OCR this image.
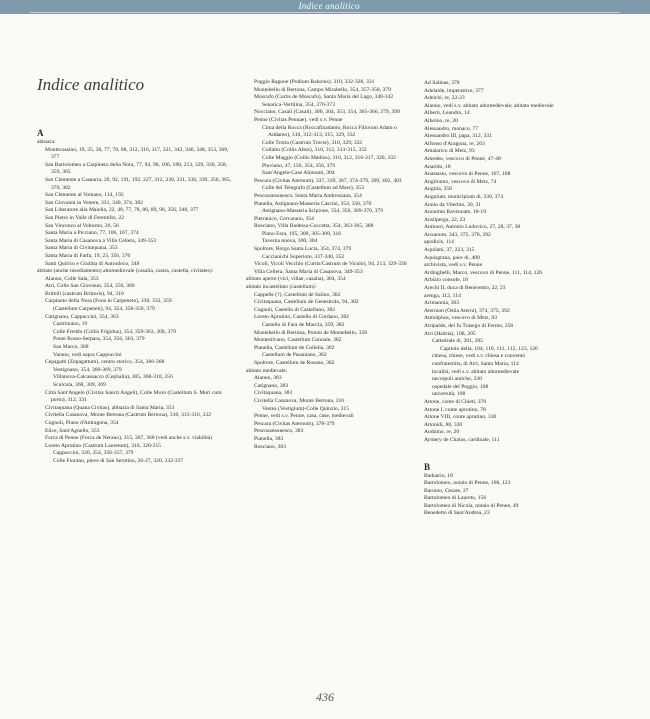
Indice analitico
Indice analitico
A
abbazia:
Montecassino, 19, 35, 36, 77, 78, 88, 312, 316, 317, 321, 342, 346, 348, 353, 369, 377
San Bartolomeo a Carpineto della Nora, 77, 94, 98, 106, 188, 213, 329, 330, 358, 359, 365
San Clemente a Casauria, 20, 92, 191, 192, 227, 312, 330, 331, 336, 339, 356, 365, 370, 382
San Clemente al Vomano, 114, 192
San Giovanni in Venere, 331, 340, 374, 382
San Liberatore alla Maiella, 22, 48, 77, 78, 86, 89, 98, 356, 348, 377
San Pietro in Valle di Ferentillo, 22
San Vincenzo al Volturno, 26, 56
Santa Maria a Picciano, 77, 106, 107, 374
Santa Maria di Casanova a Villa Celiera, 349-353
Santa Maria di Civitaquana, 353
Santa Maria di Farfa, 19, 23, 356, 370
Santi Quirico e Giulitta di Antrodoco, 348
abitato (anche insediamento) altomedievale (casalia, castra, castella, civitates):
Alanno, Colle Sala, 353
Atri, Colle San Giovanni, 354, 356, 360
Brittoli (castrum Brittoris), 94, 310
Carpineto della Nora (Fons in Carpeneto), 330, 332, 359
(Castellum Carpeneti), 94, 354, 358-359, 379
Catignano, Cappuccini, 354, 363
Castriniano, 19
Colle Freddo (Collis Frigidus), 354, 359-363, 368, 379
Ponte Rosso-Serpara, 354, 356, 363, 379
San Marco, 368
Varano, vedi supra Cappuccini
Cepagatti (Zepagattum), centro storico, 354, 366-368
Vestignano, 354, 368-369, 379
Villanova-Calcassacco (Cephalia), 305, 368-310, 356
Sculcula, 368, 309, 369
Città Sant'Angelo (Civitas Sancti Angeli), Colle Moro (Castellum S. Mori cum portu), 312, 331
Civitaquana (Quana Civitas), abbazia di Santa Maria, 353
Civitella Casanova, Monte Bertona (Castrum Bertona), 310, 315-316, 332
Cugnoli, Piano d'Antragona, 354
Elice, Sant'Agnello, 353
Forca di Penne (Forca de Nerano), 315, 367, 368 (vedi anche s.v. viabilità)
Loreto Aprutino (Castrum Lauretum), 310, 320-315
Cappuccini, 320, 354, 356-357, 379
Colle Fiorano, pieve di San Serotino, 26-27, 320, 332-337
Poggio Ragone (Podium Rahonis), 310, 332-328, 331
Montebello di Bertona, Campo Mirabello, 354, 357-358, 379
Moscufo (Curtis de Moscufo), Santa Maria del Lago, 340-342
Senarica-Vertilina, 354, 370-373
Nocciano, Casali (Casali), 300, 304, 353, 354, 365-366, 379, 399
Penne (Civitas Pennae), vedi s.v. Penne
Cima della Rocca (Roccafinadamo, Rocca Filiorum Adam o Addamo), 310, 312-313, 315, 329, 332
Colle Trotta (Castrum Trocte), 310, 329, 332
Collalto (Collis Altus), 310, 312, 313-315, 332
Colle Maggio (Collis Madius), 310, 312, 316-317, 320, 332
Pluviano, 47, 156, 354, 356, 379
Sant'Angelo-Case Alimonti, 304
Pescara (Civitas Aternum), 337, 339, 367, 374-379, 399, 402, 403
Colle del Telegrafo (Castellum ad Mare), 353
Pescosansonesco, Santa Maria Ambrosiana, 354
Pianella, Astignano-Masseria Cascini, 354, 356, 370
Astignano-Masseria Scipione, 354, 356, 369-370, 379
Pietranico, Cervarano, 354
Rosciano, Villa Badessa-Coccetta, 354, 363-365, 368
Piano Fara, 195, 300, 305-308, 316
Taverna nuova, 300, 304
Spoltore, Borgo Santa Lucia, 354, 374, 379
Caccianichi Superiore, 337-340, 352
Vicoli, Vicoli Vecchio (Curtis/Castrum de Viculo), 94, 213, 329-330
Villa Celiera, Santa Maria di Casanova, 349-353
abitato aperto (vici, villae, casalia), 304, 354
abitato incastellato (castellum):
Cappelle (?), Castellum de Salino, 382
Civitaquana, Castellum de Genestrulo, 94, 382
Cugnoli, Castello di Castellano, 382
Loreto Aprutino, Castello di Cordano, 382
Castello di Fara de Maccla, 359, 382
Montebello di Bertona, Poium de Montebello, 358
Montesilvano, Castellum Connale, 382
Pianella, Castellum de Collelia, 382
Castellum de Pasaniano, 382
Spoltore, Castellum de Rosano, 382
abitato medievale:
Alanno, 383
Catignano, 383
Civitaquana, 383
Civitella Casanova, Monte Bertona, 316
Vestea (Vestigium)-Colle Quinzio, 315
Penne, vedi s.v. Penne, casa, case, medievali
Pescara (Civitas Aternum), 378-379
Pescosansonesco, 383
Pianella, 383
Rosciano, 383
Ad Salinas, 378
Adelaide, imperatrice, 377
Adelchi, re, 22-23
Alanno, vedi s.v. abitato altomedievale; abitato medievale
Alberti, Leandro, 14
Alboino, re, 20
Alessandro, monaco, 77
Alessandro III, papa, 312, 331
Alfonso d'Aragona, re, 263
Amalarico di Metz, 93
Amedeo, vescovo di Penne, 47-48
Anarido, 18
Anastasio, vescovo di Penne, 107, 108
Angilramo, vescovo di Metz, 74
Angitia, 358
Angulum, municipium di, 330, 374
Annio da Viterbio, 30, 31
Anonimo Ravennate, 18-19
Ansilperga, 22, 23
Antinori, Antonio Ludovico, 27, 28, 37, 38
Anxanum, 343, 375, 378, 392
apodixis, 114
Aquilani, 37, 223, 315
Aquisgrana, pace di, 400
archivista, vedi s.v. Penne
Ardinghelli, Marco, vescovo di Penne, 111, 114, 126
Arbizio console, 18
Arechi II, duca di Benevento, 22, 23
arenga, 112, 114
Arimannia, 363
Aternum (Ostia Aterni), 374, 375, 392
Atmolphus, vescovo di Metz, 93
Atripaldo, del fu Trasego di Fermo, 356
Atri (Hadria), 108, 205
Cattedrale di, 201, 205
Capitolo della, 104, 110, 111, 112, 123, 126
chiesa, chiese, vedi s.v. chiesa e convento
confraternita, di Atri, Santa Maria, 114
località, vedi s.v. abitato altomedievale
necropoli antiche, 330
ospedale del Poggio, 108
università, 108
Attone, conte di Chieti, 370
Attone I, conte aprutino, 78
Attone VIII, conte aprutino, 330
Attonidi, 88, 330
Audoino, re, 20
Aymery de Chalus, cardinale, 111
B
Baduario, 18
Bartolomeo, notaio di Penne, 108, 123
Baronio, Cesare, 27
Bartolomeo di Laureto, 156
Bartolomeo di Nicola, notaio di Penne, 49
Benedetto di Sant'Andrea, 23
436
